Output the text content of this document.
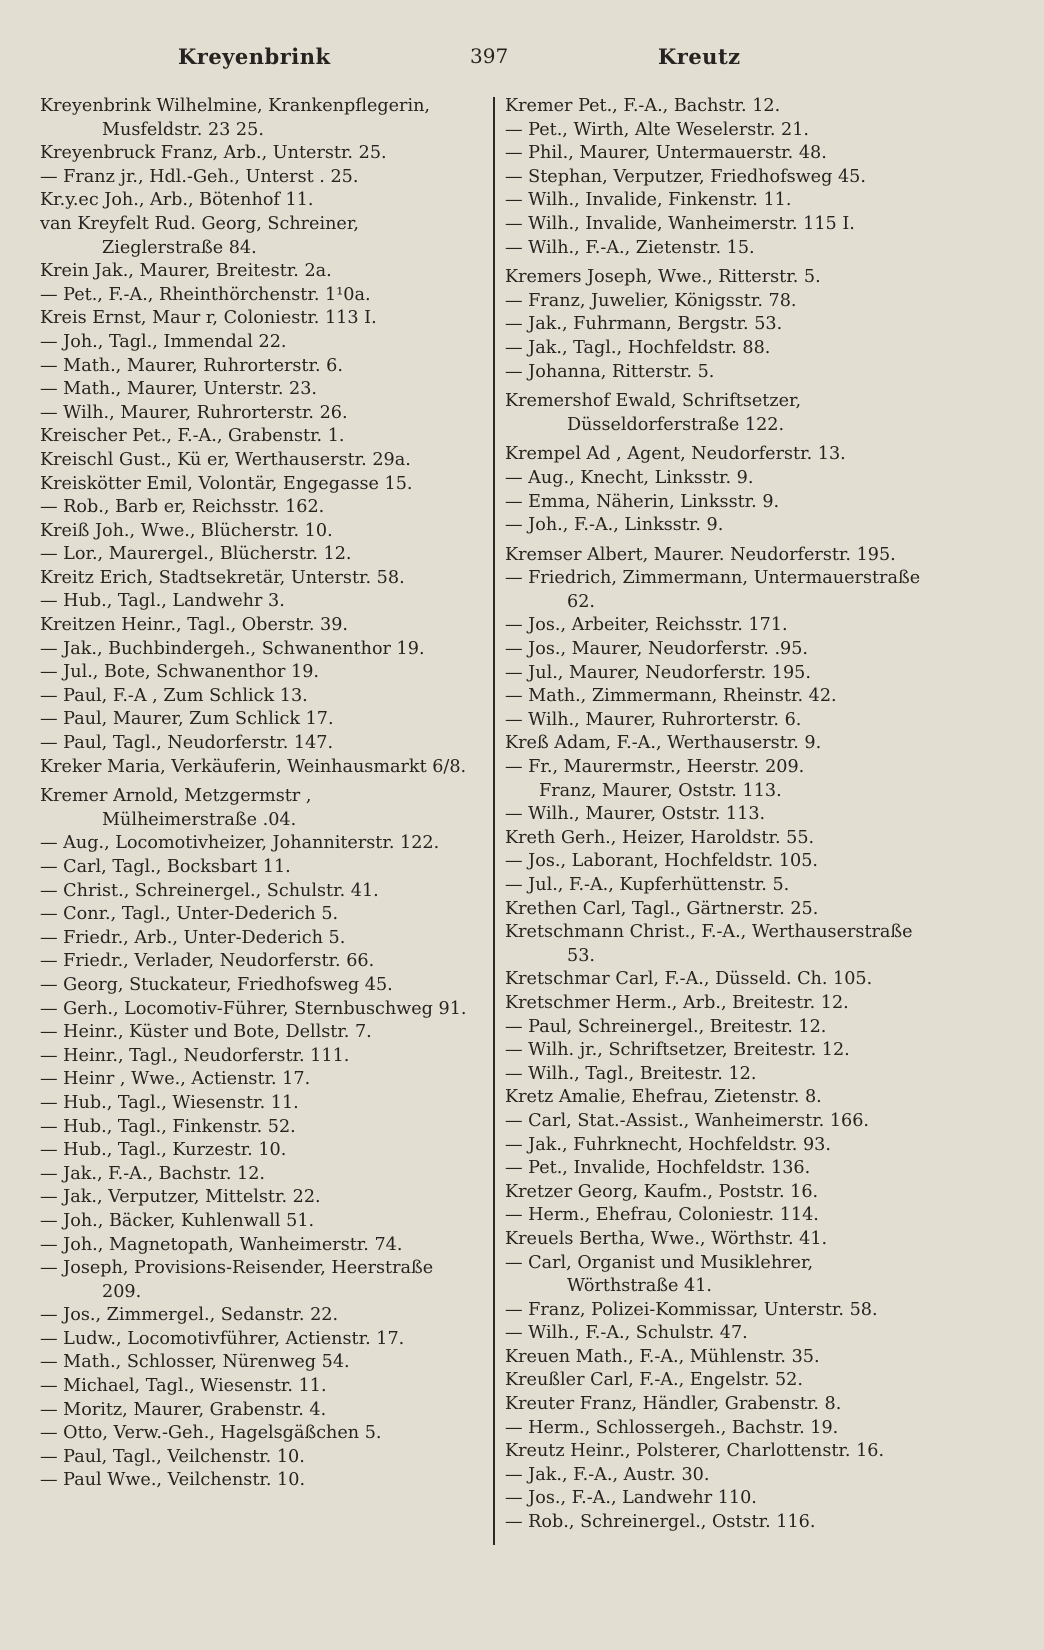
Kreyenbrink	397	Kreutz
Kreyenbrink Wilhelmine, Krankenpflegerin, Musfeldstr. 23 25.
Kreyenbruck Franz, Arb., Unterstr. 25.
— Franz jr., Hdl.-Geh., Unterst . 25.
Kr.y.ec Joh., Arb., Bötenhof 11.
van Kreyfelt Rud. Georg, Schreiner, Zieglerstraße 84.
Krein Jak., Maurer, Breitestr. 2a.
— Pet., F.-A., Rheinthörchenstr. 1¹0a.
Kreis Ernst, Maur r, Coloniestr. 113 I.
— Joh., Tagl., Immendal 22.
— Math., Maurer, Ruhrorterstr. 6.
— Math., Maurer, Unterstr. 23.
— Wilh., Maurer, Ruhrorterstr. 26.
Kreischer Pet., F.-A., Grabenstr. 1.
Kreischl Gust., Kü er, Werthauserstr. 29a.
Kreiskötter Emil, Volontär, Engegasse 15.
— Rob., Barb er, Reichsstr. 162.
Kreiß Joh., Wwe., Blücherstr. 10.
— Lor., Maurergel., Blücherstr. 12.
Kreitz Erich, Stadtsekretär, Unterstr. 58.
— Hub., Tagl., Landwehr 3.
Kreitzen Heinr., Tagl., Oberstr. 39.
— Jak., Buchbindergeh., Schwanenthor 19.
— Jul., Bote, Schwanenthor 19.
— Paul, F.-A , Zum Schlick 13.
— Paul, Maurer, Zum Schlick 17.
— Paul, Tagl., Neudorferstr. 147.
Kreker Maria, Verkäuferin, Weinhausmarkt 6/8.
Kremer Arnold, Metzgermstr , Mülheimerstraße .04.
— Aug., Locomotivheizer, Johanniterstr. 122.
— Carl, Tagl., Bocksbart 11.
— Christ., Schreinergel., Schulstr. 41.
— Conr., Tagl., Unter-Dederich 5.
— Friedr., Arb., Unter-Dederich 5.
— Friedr., Verlader, Neudorferstr. 66.
— Georg, Stuckateur, Friedhofsweg 45.
— Gerh., Locomotiv-Führer, Sternbuschweg 91.
— Heinr., Küster und Bote, Dellstr. 7.
— Heinr., Tagl., Neudorferstr. 111.
— Heinr , Wwe., Actienstr. 17.
— Hub., Tagl., Wiesenstr. 11.
— Hub., Tagl., Finkenstr. 52.
— Hub., Tagl., Kurzestr. 10.
— Jak., F.-A., Bachstr. 12.
— Jak., Verputzer, Mittelstr. 22.
— Joh., Bäcker, Kuhlenwall 51.
— Joh., Magnetopath, Wanheimerstr. 74.
— Joseph, Provisions-Reisender, Heerstraße 209.
— Jos., Zimmergel., Sedanstr. 22.
— Ludw., Locomotivführer, Actienstr. 17.
— Math., Schlosser, Nürenweg 54.
— Michael, Tagl., Wiesenstr. 11.
— Moritz, Maurer, Grabenstr. 4.
— Otto, Verw.-Geh., Hagelsgäßchen 5.
— Paul, Tagl., Veilchenstr. 10.
— Paul Wwe., Veilchenstr. 10.
Kremer Pet., F.-A., Bachstr. 12.
— Pet., Wirth, Alte Weselerstr. 21.
— Phil., Maurer, Untermauerstr. 48.
— Stephan, Verputzer, Friedhofsweg 45.
— Wilh., Invalide, Finkenstr. 11.
— Wilh., Invalide, Wanheimerstr. 115 I.
— Wilh., F.-A., Zietenstr. 15.
Kremers Joseph, Wwe., Ritterstr. 5.
— Franz, Juwelier, Königsstr. 78.
— Jak., Fuhrmann, Bergstr. 53.
— Jak., Tagl., Hochfeldstr. 88.
— Johanna, Ritterstr. 5.
Kremershof Ewald, Schriftsetzer, Düsseldorferstraße 122.
Krempel Ad , Agent, Neudorferstr. 13.
— Aug., Knecht, Linksstr. 9.
— Emma, Näherin, Linksstr. 9.
— Joh., F.-A., Linksstr. 9.
Kremser Albert, Maurer. Neudorferstr. 195.
— Friedrich, Zimmermann, Untermauerstraße 62.
— Jos., Arbeiter, Reichsstr. 171.
— Jos., Maurer, Neudorferstr. .95.
— Jul., Maurer, Neudorferstr. 195.
— Math., Zimmermann, Rheinstr. 42.
— Wilh., Maurer, Ruhrorterstr. 6.
Kreß Adam, F.-A., Werthauserstr. 9.
— Fr., Maurermstr., Heerstr. 209.
Franz, Maurer, Oststr. 113.
— Wilh., Maurer, Oststr. 113.
Kreth Gerh., Heizer, Haroldstr. 55.
— Jos., Laborant, Hochfeldstr. 105.
— Jul., F.-A., Kupferhüttenstr. 5.
Krethen Carl, Tagl., Gärtnerstr. 25.
Kretschmann Christ., F.-A., Werthauserstraße 53.
Kretschmar Carl, F.-A., Düsseld. Ch. 105.
Kretschmer Herm., Arb., Breitestr. 12.
— Paul, Schreinergel., Breitestr. 12.
— Wilh. jr., Schriftsetzer, Breitestr. 12.
— Wilh., Tagl., Breitestr. 12.
Kretz Amalie, Ehefrau, Zietenstr. 8.
— Carl, Stat.-Assist., Wanheimerstr. 166.
— Jak., Fuhrknecht, Hochfeldstr. 93.
— Pet., Invalide, Hochfeldstr. 136.
Kretzer Georg, Kaufm., Poststr. 16.
— Herm., Ehefrau, Coloniestr. 114.
Kreuels Bertha, Wwe., Wörthstr. 41.
— Carl, Organist und Musiklehrer, Wörthstraße 41.
— Franz, Polizei-Kommissar, Unterstr. 58.
— Wilh., F.-A., Schulstr. 47.
Kreuen Math., F.-A., Mühlenstr. 35.
Kreußler Carl, F.-A., Engelstr. 52.
Kreuter Franz, Händler, Grabenstr. 8.
— Herm., Schlossergeh., Bachstr. 19.
Kreutz Heinr., Polsterer, Charlottenstr. 16.
— Jak., F.-A., Austr. 30.
— Jos., F.-A., Landwehr 110.
— Rob., Schreinergel., Oststr. 116.
